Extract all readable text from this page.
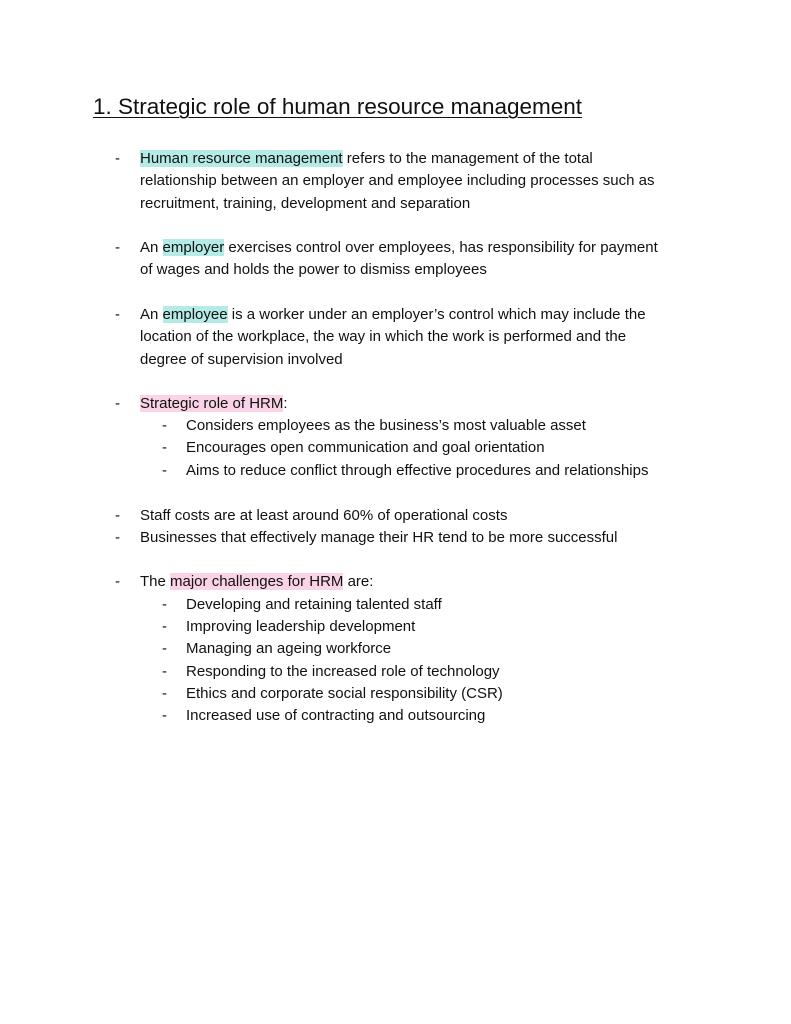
1. Strategic role of human resource management
- Human resource management refers to the management of the total
relationship between an employer and employee including processes such as
recruitment, training, development and separation
- An employer exercises control over employees, has responsibility for payment
of wages and holds the power to dismiss employees
- An employee is a worker under an employer’s control which may include the
location of the workplace, the way in which the work is performed and the
degree of supervision involved
- Strategic role of HRM:
- Considers employees as the business’s most valuable asset
- Encourages open communication and goal orientation
- Aims to reduce conflict through effective procedures and relationships
- Staff costs are at least around 60% of operational costs
- Businesses that effectively manage their HR tend to be more successful
- The major challenges for HRM are:
- Developing and retaining talented staff
- Improving leadership development
- Managing an ageing workforce
- Responding to the increased role of technology
- Ethics and corporate social responsibility (CSR)
- Increased use of contracting and outsourcing
